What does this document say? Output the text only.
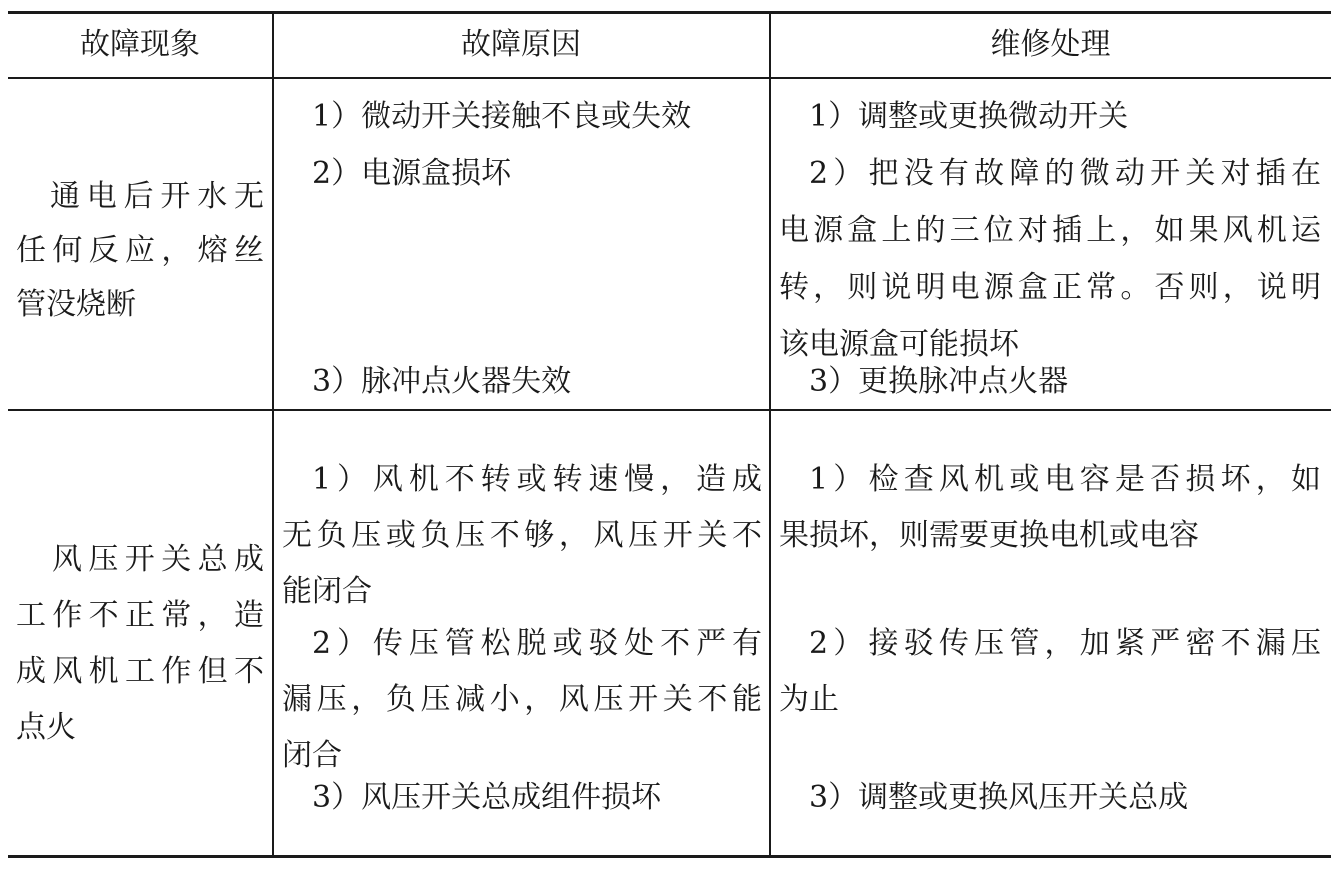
故障现象	故障原因	维修处理
通电后开水无
任何反应，熔丝
管没烧断
1）微动开关接触不良或失效
2）电源盒损坏
3）脉冲点火器失效
1）调整或更换微动开关
2）把没有故障的微动开关对插在
电源盒上的三位对插上，如果风机运
转，则说明电源盒正常。否则，说明
该电源盒可能损坏
3）更换脉冲点火器
风压开关总成
工作不正常，造
成风机工作但不
点火
1）风机不转或转速慢，造成
无负压或负压不够，风压开关不
能闭合
2）传压管松脱或驳处不严有
漏压，负压减小，风压开关不能
闭合
3）风压开关总成组件损坏
1）检查风机或电容是否损坏，如
果损坏，则需要更换电机或电容
2）接驳传压管，加紧严密不漏压
为止
3）调整或更换风压开关总成
